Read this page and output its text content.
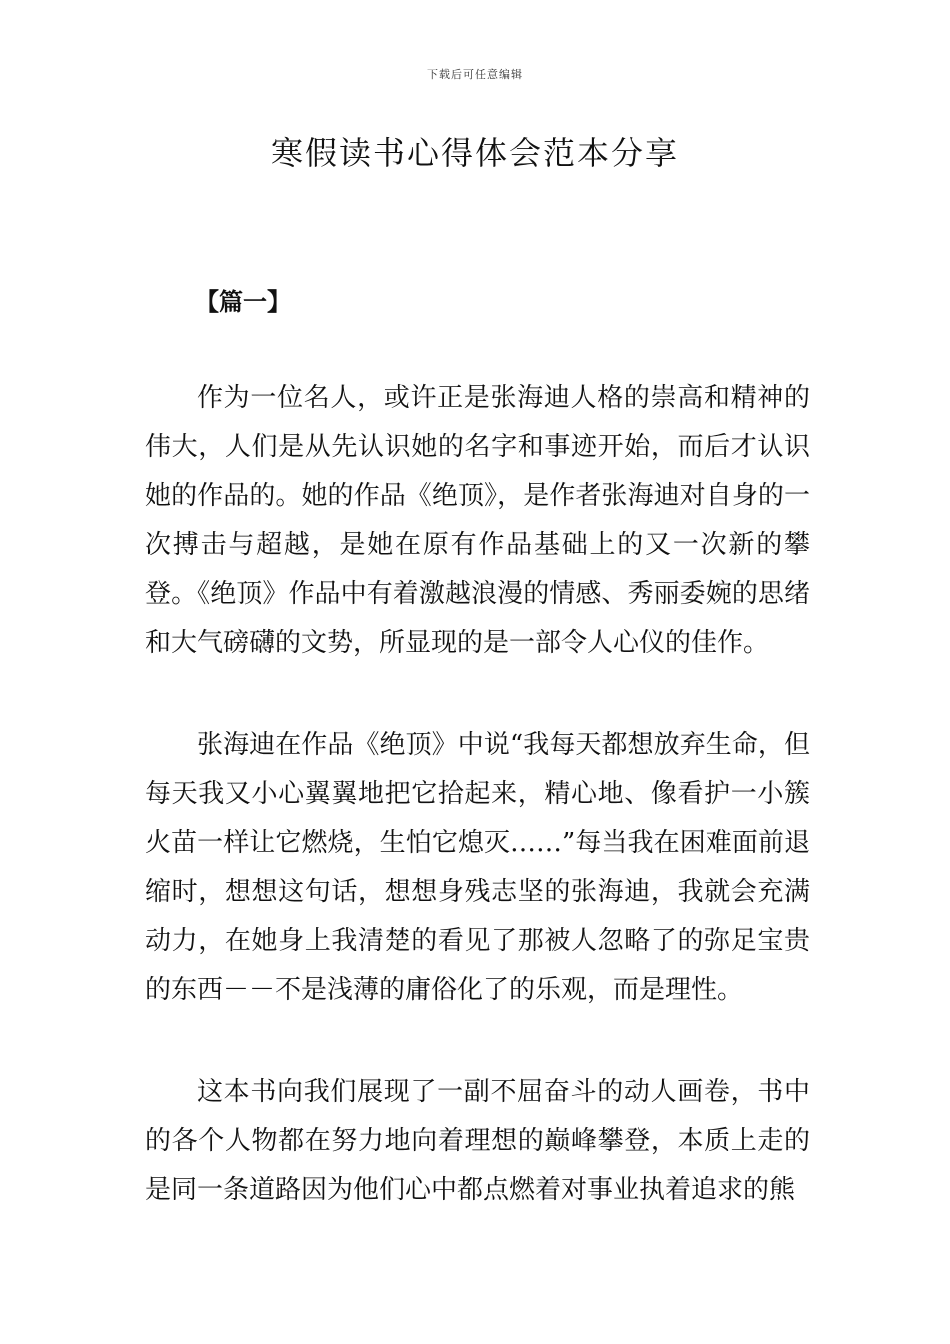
下载后可任意编辑
寒假读书心得体会范本分享
【篇一】

作为一位名人，或许正是张海迪人格的崇高和精神的伟大，人们是从先认识她的名字和事迹开始，而后才认识她的作品的。她的作品《绝顶》，是作者张海迪对自身的一次搏击与超越，是她在原有作品基础上的又一次新的攀登。《绝顶》作品中有着激越浪漫的情感、秀丽委婉的思绪和大气磅礴的文势，所显现的是一部令人心仪的佳作。

张海迪在作品《绝顶》中说“我每天都想放弃生命，但每天我又小心翼翼地把它拾起来，精心地、像看护一小簇火苗一样让它燃烧，生怕它熄灭……”每当我在困难面前退缩时，想想这句话，想想身残志坚的张海迪，我就会充满动力，在她身上我清楚的看见了那被人忽略了的弥足宝贵的东西－－不是浅薄的庸俗化了的乐观，而是理性。

这本书向我们展现了一副不屈奋斗的动人画卷，书中的各个人物都在努力地向着理想的巅峰攀登，本质上走的是同一条道路因为他们心中都点燃着对事业执着追求的熊
